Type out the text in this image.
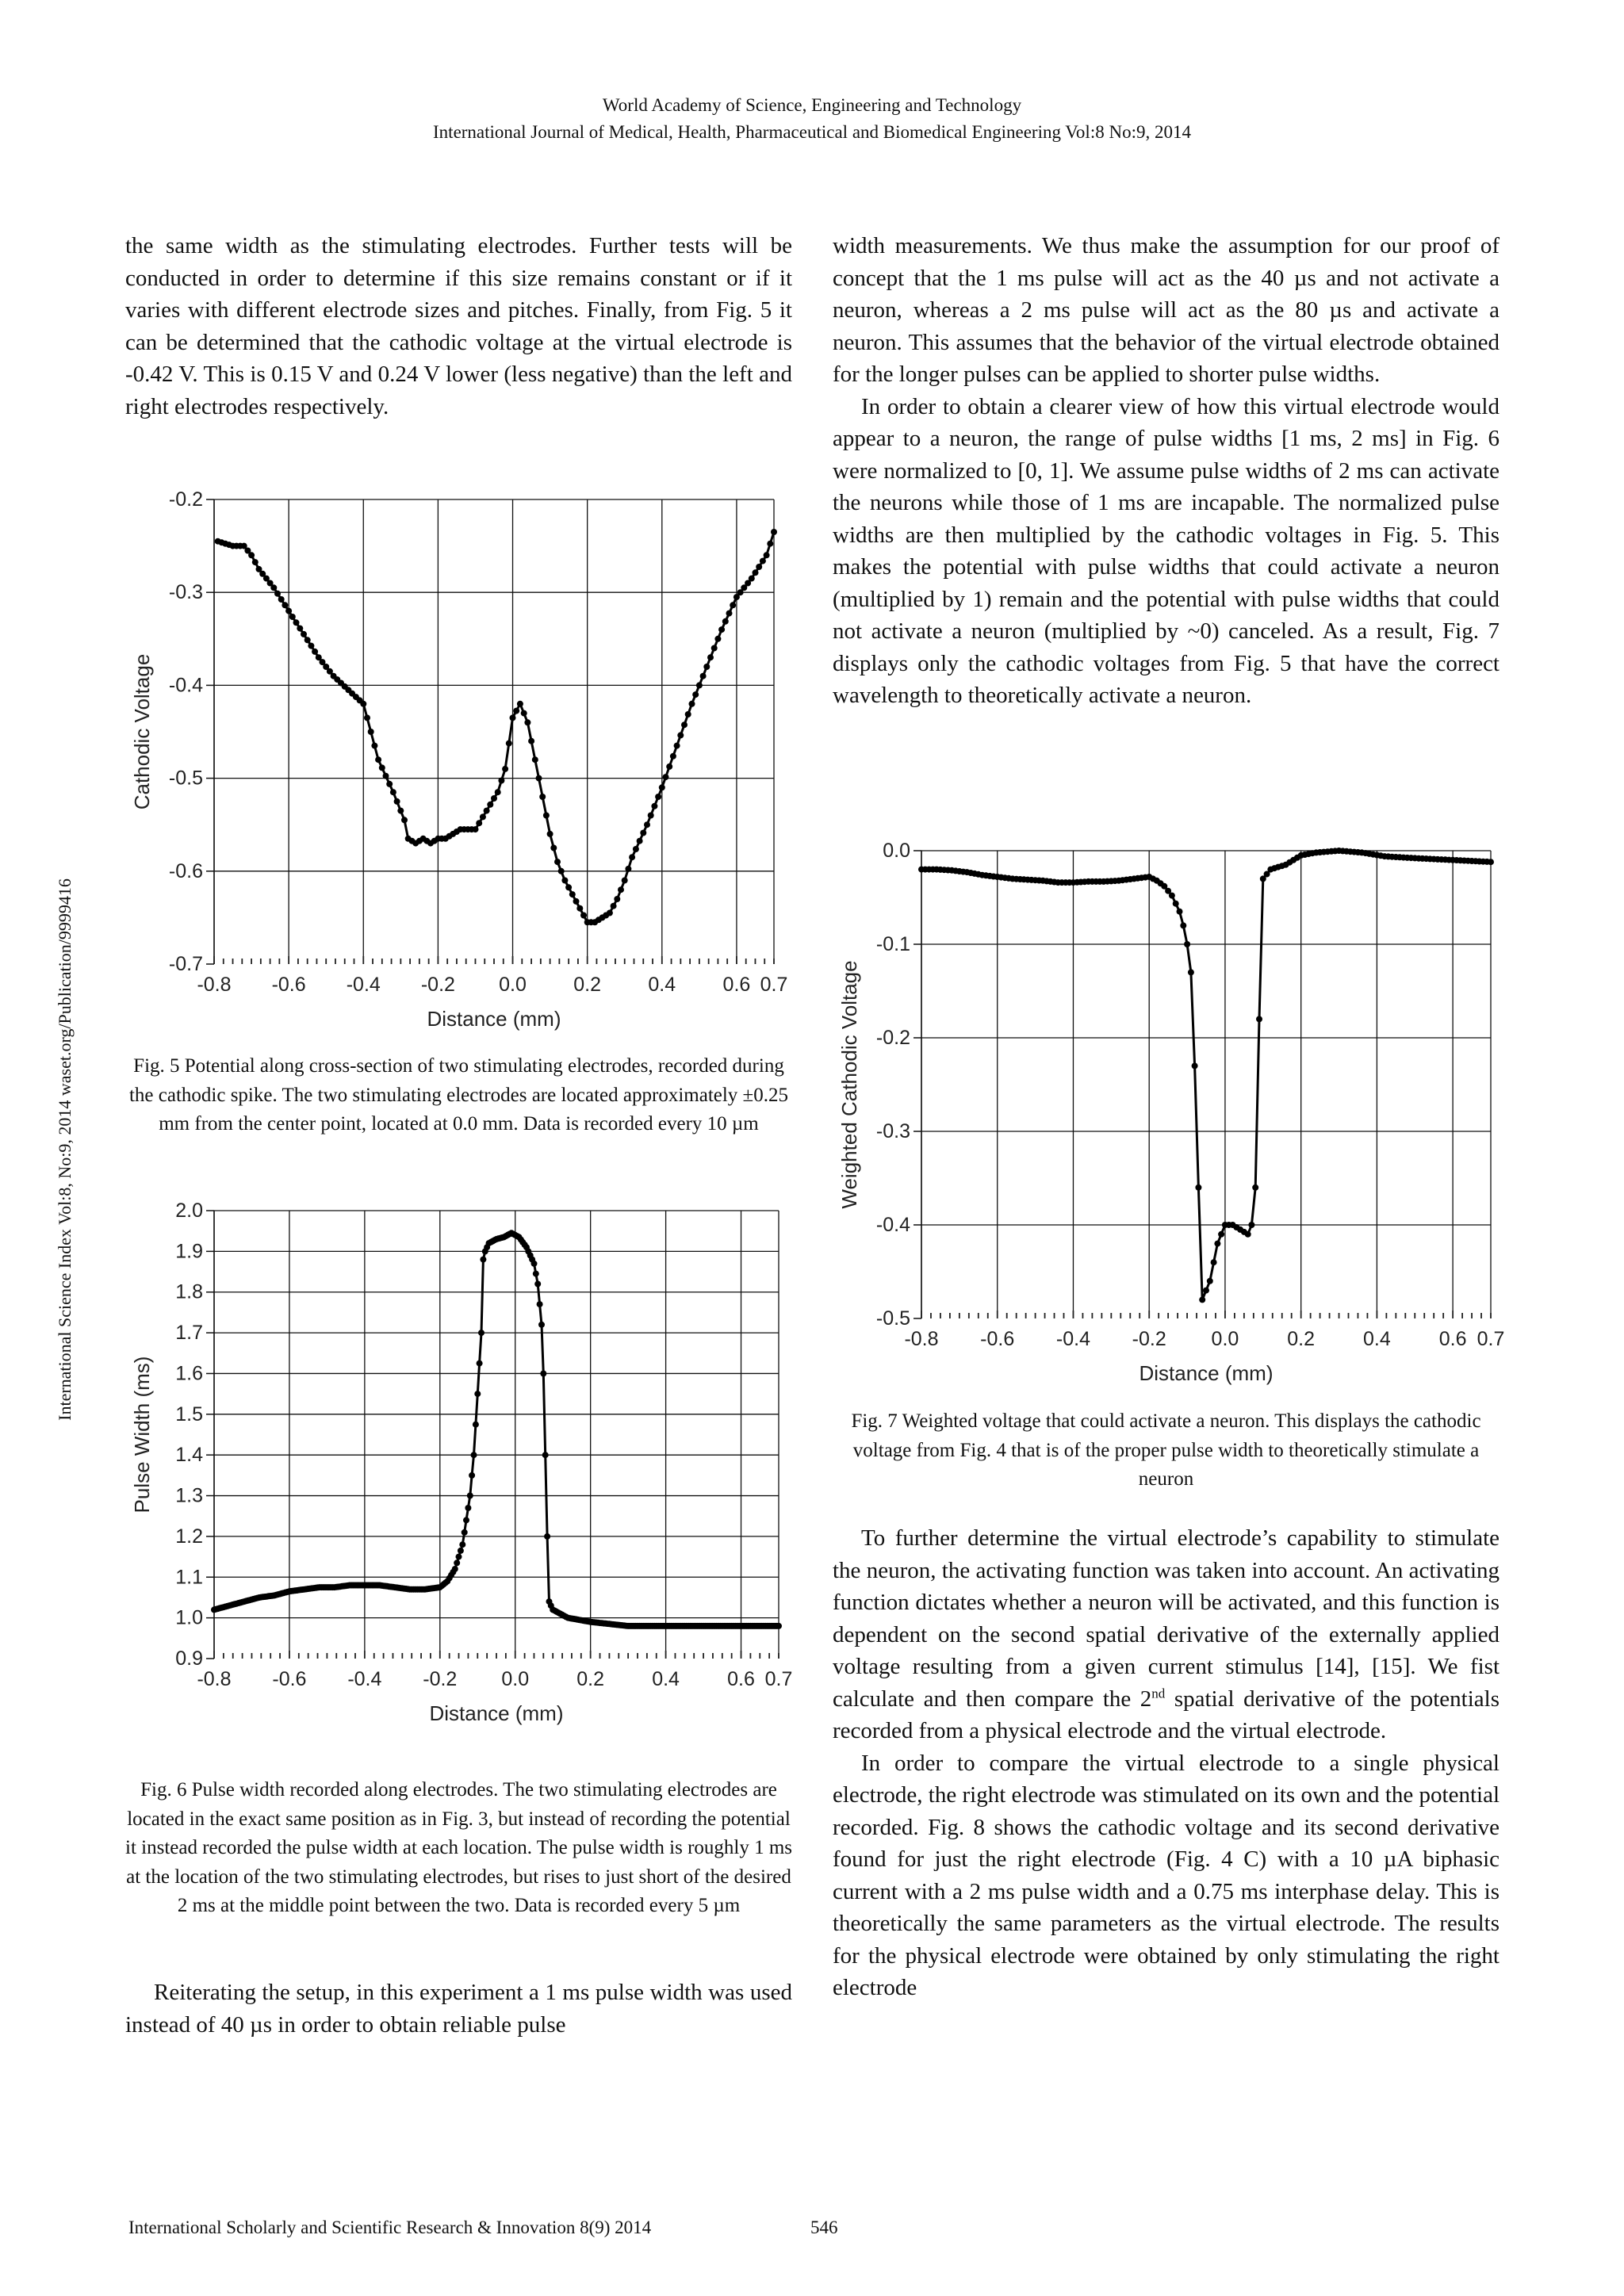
World Academy of Science, Engineering and Technology
International Journal of Medical, Health, Pharmaceutical and Biomedical Engineering Vol:8 No:9, 2014
International Science Index Vol:8, No:9, 2014 waset.org/Publication/9999416

the same width as the stimulating electrodes. Further tests will be conducted in order to determine if this size remains constant or if it varies with different electrode sizes and pitches. Finally, from Fig. 5 it can be determined that the cathodic voltage at the virtual electrode is -0.42 V. This is 0.15 V and 0.24 V lower (less negative) than the left and right electrodes respectively.

-0.7
-0.6
-0.5
-0.4
-0.3
-0.2
-0.8 -0.6 -0.4 -0.2 0.0 0.2 0.4 0.6 0.7
Distance (mm)
Cathodic Voltage
Fig. 5 Potential along cross-section of two stimulating electrodes, recorded during the cathodic spike. The two stimulating electrodes are located approximately ±0.25 mm from the center point, located at 0.0 mm. Data is recorded every 10 µm
0.9
1.0
1.1
1.2
1.3
1.4
1.5
1.6
1.7
1.8
1.9
2.0
-0.8 -0.6 -0.4 -0.2 0.0 0.2 0.4 0.6 0.7
Distance (mm)
Pulse Width (ms)
Fig. 6 Pulse width recorded along electrodes. The two stimulating electrodes are located in the exact same position as in Fig. 3, but instead of recording the potential it instead recorded the pulse width at each location. The pulse width is roughly 1 ms at the location of the two stimulating electrodes, but rises to just short of the desired 2 ms at the middle point between the two. Data is recorded every 5 µm

Reiterating the setup, in this experiment a 1 ms pulse width was used instead of 40 µs in order to obtain reliable pulse

width measurements. We thus make the assumption for our proof of concept that the 1 ms pulse will act as the 40 µs and not activate a neuron, whereas a 2 ms pulse will act as the 80 µs and activate a neuron. This assumes that the behavior of the virtual electrode obtained for the longer pulses can be applied to shorter pulse widths.

In order to obtain a clearer view of how this virtual electrode would appear to a neuron, the range of pulse widths [1 ms, 2 ms] in Fig. 6 were normalized to [0, 1]. We assume pulse widths of 2 ms can activate the neurons while those of 1 ms are incapable. The normalized pulse widths are then multiplied by the cathodic voltages in Fig. 5. This makes the potential with pulse widths that could activate a neuron (multiplied by 1) remain and the potential with pulse widths that could not activate a neuron (multiplied by ~0) canceled. As a result, Fig. 7 displays only the cathodic voltages from Fig. 5 that have the correct wavelength to theoretically activate a neuron.

-0.5
-0.4
-0.3
-0.2
-0.1
0.0
-0.8 -0.6 -0.4 -0.2 0.0 0.2 0.4 0.6 0.7
Distance (mm)
Weighted Cathodic Voltage
Fig. 7 Weighted voltage that could activate a neuron. This displays the cathodic voltage from Fig. 4 that is of the proper pulse width to theoretically stimulate a neuron

To further determine the virtual electrode’s capability to stimulate the neuron, the activating function was taken into account. An activating function dictates whether a neuron will be activated, and this function is dependent on the second spatial derivative of the externally applied voltage resulting from a given current stimulus [14], [15]. We fist calculate and then compare the 2nd spatial derivative of the potentials recorded from a physical electrode and the virtual electrode.

In order to compare the virtual electrode to a single physical electrode, the right electrode was stimulated on its own and the potential recorded. Fig. 8 shows the cathodic voltage and its second derivative found for just the right electrode (Fig. 4 C) with a 10 µA biphasic current with a 2 ms pulse width and a 0.75 ms interphase delay. This is theoretically the same parameters as the virtual electrode. The results for the physical electrode were obtained by only stimulating the right electrode

International Scholarly and Scientific Research & Innovation 8(9) 2014	546
